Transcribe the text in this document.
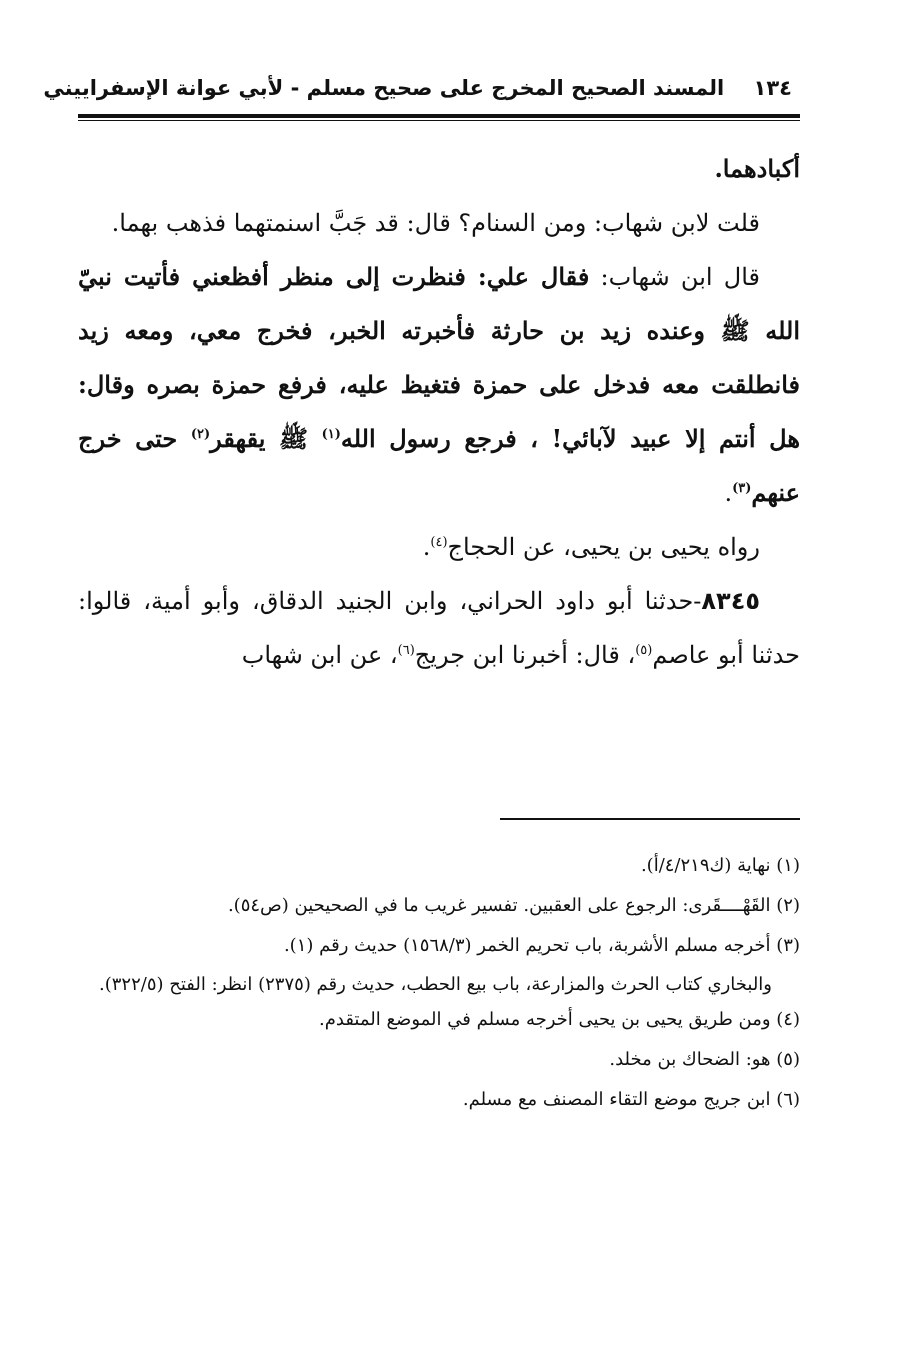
١٣٤ المسند الصحيح المخرج على صحيح مسلم - لأبي عوانة الإسفراييني

أكبادهما.

قلت لابن شهاب: ومن السنام؟ قال: قد جَبَّ اسنمتهما فذهب بهما.

قال ابن شهاب: فقال علي: فنظرت إلى منظر أفظعني فأتيت نبيّ الله ﷺ وعنده زيد بن حارثة فأخبرته الخبر، فخرج معي، ومعه زيد فانطلقت معه فدخل على حمزة فتغيظ عليه، فرفع حمزة بصره وقال: هل أنتم إلا عبيد لآبائي! ، فرجع رسول الله$^{(١)}$ ﷺ يقهقر$^{(٢)}$ حتى خرج عنهم$^{(٣)}$.

رواه يحيى بن يحيى، عن الحجاج$^{(٤)}$.

٨٣٤٥-حدثنا أبو داود الحراني، وابن الجنيد الدقاق، وأبو أمية، قالوا: حدثنا أبو عاصم$^{(٥)}$، قال: أخبرنا ابن جريج$^{(٦)}$، عن ابن شهاب

(١) نهاية (ك٤/٢١٩/أ).

(٢) القَهْــــقَرى: الرجوع على العقبين. تفسير غريب ما في الصحيحين (ص٥٤).

(٣) أخرجه مسلم الأشربة، باب تحريم الخمر (١٥٦٨/٣) حديث رقم (١).

والبخاري كتاب الحرث والمزارعة، باب بيع الحطب، حديث رقم (٢٣٧٥) انظر: الفتح (٣٢٢/٥).

(٤) ومن طريق يحيى بن يحيى أخرجه مسلم في الموضع المتقدم.

(٥) هو: الضحاك بن مخلد.

(٦) ابن جريج موضع التقاء المصنف مع مسلم.
